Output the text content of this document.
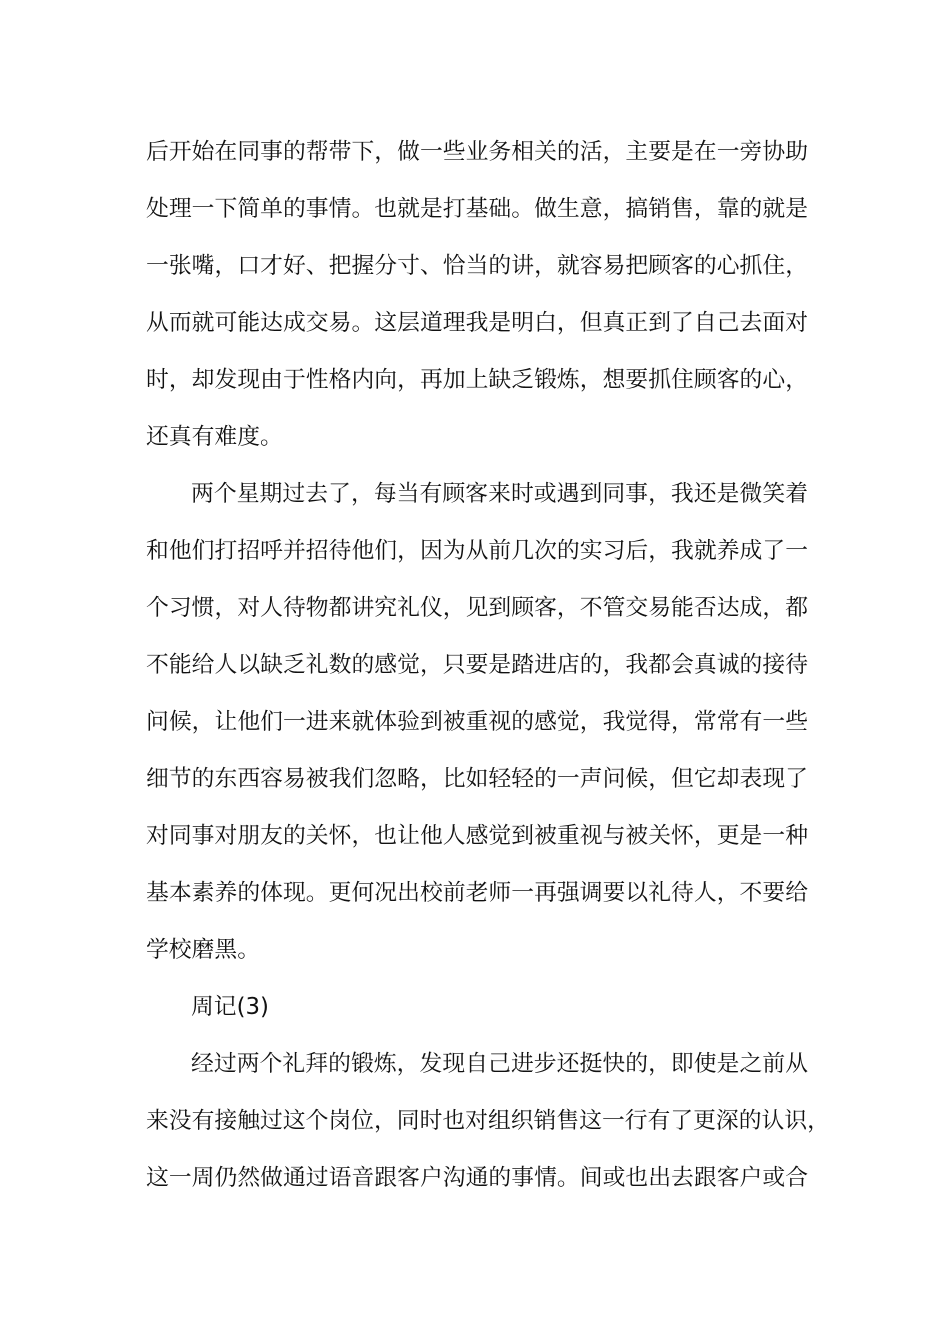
后开始在同事的帮带下，做一些业务相关的活，主要是在一旁协助
处理一下简单的事情。也就是打基础。做生意，搞销售，靠的就是
一张嘴，口才好、把握分寸、恰当的讲，就容易把顾客的心抓住，
从而就可能达成交易。这层道理我是明白，但真正到了自己去面对
时，却发现由于性格内向，再加上缺乏锻炼，想要抓住顾客的心，
还真有难度。
两个星期过去了，每当有顾客来时或遇到同事，我还是微笑着
和他们打招呼并招待他们，因为从前几次的实习后，我就养成了一
个习惯，对人待物都讲究礼仪，见到顾客，不管交易能否达成，都
不能给人以缺乏礼数的感觉，只要是踏进店的，我都会真诚的接待
问候，让他们一进来就体验到被重视的感觉，我觉得，常常有一些
细节的东西容易被我们忽略，比如轻轻的一声问候，但它却表现了
对同事对朋友的关怀，也让他人感觉到被重视与被关怀，更是一种
基本素养的体现。更何况出校前老师一再强调要以礼待人，不要给
学校磨黑。
周记(3)
经过两个礼拜的锻炼，发现自己进步还挺快的，即使是之前从
来没有接触过这个岗位，同时也对组织销售这一行有了更深的认识，
这一周仍然做通过语音跟客户沟通的事情。间或也出去跟客户或合
